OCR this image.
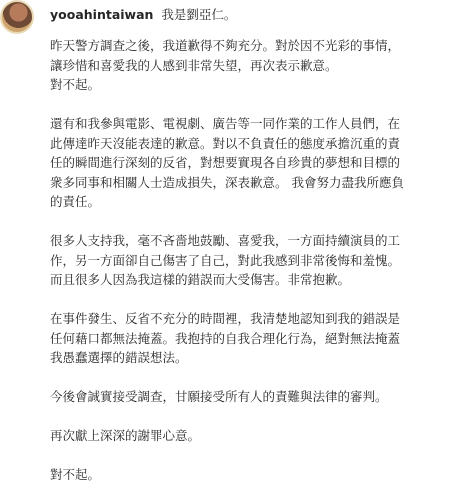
yooahintaiwan 我是劉亞仁。

昨天警方調查之後，我道歉得不夠充分。對於因不光彩的事情，
讓珍惜和喜愛我的人感到非常失望，再次表示歉意。
對不起。

還有和我參與電影、電視劇、廣告等一同作業的工作人員們，在
此傳達昨天沒能表達的歉意。對以不負責任的態度承擔沉重的責
任的瞬間進行深刻的反省，對想要實現各自珍貴的夢想和目標的
衆多同事和相關人士造成損失，深表歉意。 我會努力盡我所應負
的責任。

很多人支持我，毫不吝嗇地鼓勵、喜愛我，一方面持續演員的工
作，另一方面卻自己傷害了自己，對此我感到非常後悔和羞愧。
而且很多人因為我這樣的錯誤而大受傷害。非常抱歉。

在事件發生、反省不充分的時間裡，我清楚地認知到我的錯誤是
任何藉口都無法掩蓋。我抱持的自我合理化行為，絕對無法掩蓋
我愚蠢選擇的錯誤想法。

今後會誠實接受調查，甘願接受所有人的責難與法律的審判。

再次獻上深深的謝罪心意。

對不起。
